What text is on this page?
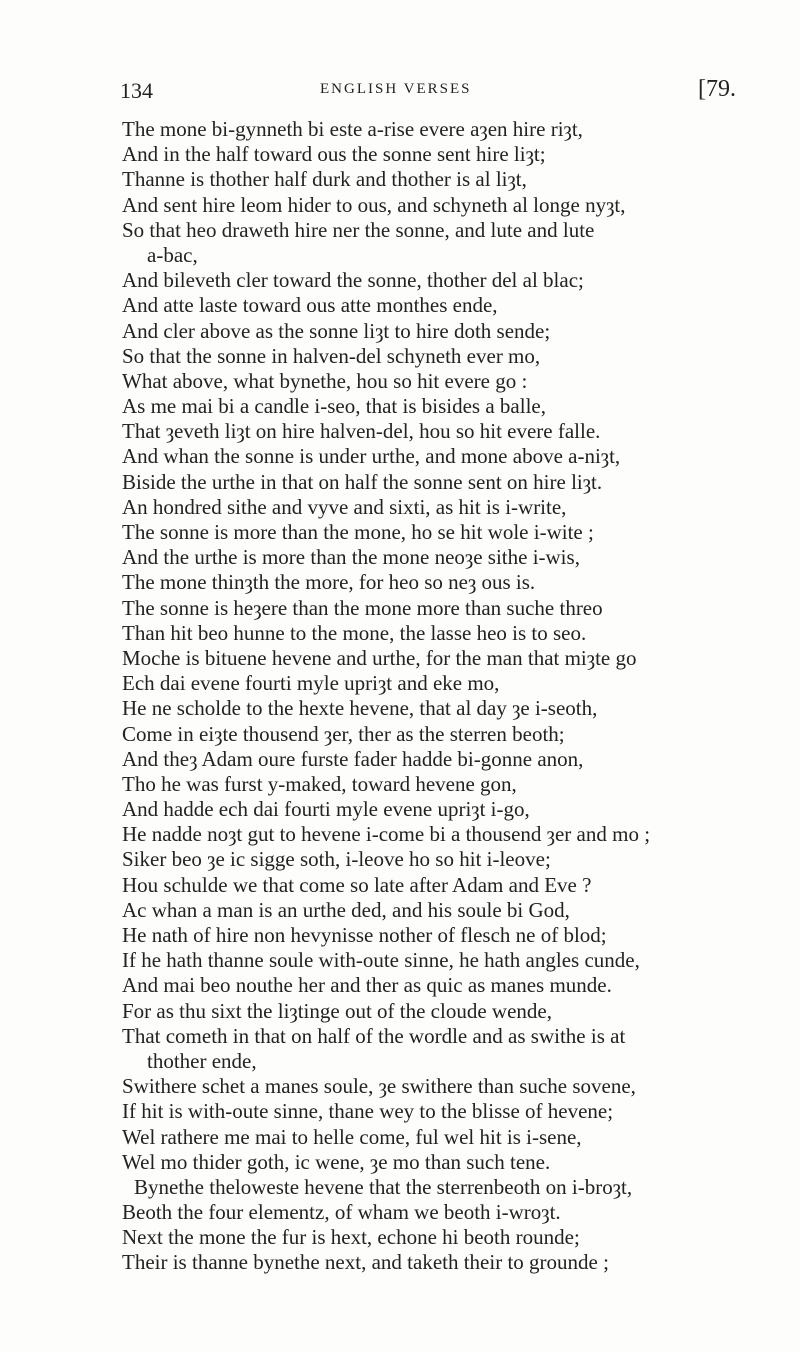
134	ENGLISH VERSES	[79.
The mone bi-gynneth bi este a-rise evere aȝen hire riȝt,
And in the half toward ous the sonne sent hire liȝt;
Thanne is thother half durk and thother is al liȝt,
And sent hire leom hider to ous, and schyneth al longe nyȝt,
So that heo draweth hire ner the sonne, and lute and lute
a-bac,
And bileveth cler toward the sonne, thother del al blac;
And atte laste toward ous atte monthes ende,
And cler above as the sonne liȝt to hire doth sende;
So that the sonne in halven-del schyneth ever mo,
What above, what bynethe, hou so hit evere go :
As me mai bi a candle i-seo, that is bisides a balle,
That ȝeveth liȝt on hire halven-del, hou so hit evere falle.
And whan the sonne is under urthe, and mone above a-niȝt,
Biside the urthe in that on half the sonne sent on hire liȝt.
An hondred sithe and vyve and sixti, as hit is i-write,
The sonne is more than the mone, ho se hit wole i-wite ;
And the urthe is more than the mone neoȝe sithe i-wis,
The mone thinȝth the more, for heo so neȝ ous is.
The sonne is heȝere than the mone more than suche threo
Than hit beo hunne to the mone, the lasse heo is to seo.
Moche is bituene hevene and urthe, for the man that miȝte go
Ech dai evene fourti myle upriȝt and eke mo,
He ne scholde to the hexte hevene, that al day ȝe i-seoth,
Come in eiȝte thousend ȝer, ther as the sterren beoth;
And theȝ Adam oure furste fader hadde bi-gonne anon,
Tho he was furst y-maked, toward hevene gon,
And hadde ech dai fourti myle evene upriȝt i-go,
He nadde noȝt gut to hevene i-come bi a thousend ȝer and mo ;
Siker beo ȝe ic sigge soth, i-leove ho so hit i-leove;
Hou schulde we that come so late after Adam and Eve ?
Ac whan a man is an urthe ded, and his soule bi God,
He nath of hire non hevynisse nother of flesch ne of blod;
If he hath thanne soule with-oute sinne, he hath angles cunde,
And mai beo nouthe her and ther as quic as manes munde.
For as thu sixt the liȝtinge out of the cloude wende,
That cometh in that on half of the wordle and as swithe is at
thother ende,
Swithere schet a manes soule, ȝe swithere than suche sovene,
If hit is with-oute sinne, thane wey to the blisse of hevene;
Wel rathere me mai to helle come, ful wel hit is i-sene,
Wel mo thider goth, ic wene, ȝe mo than such tene.
Bynethe theloweste hevene that the sterrenbeoth on i-broȝt,
Beoth the four elementz, of wham we beoth i-wroȝt.
Next the mone the fur is hext, echone hi beoth rounde;
Their is thanne bynethe next, and taketh their to grounde ;
